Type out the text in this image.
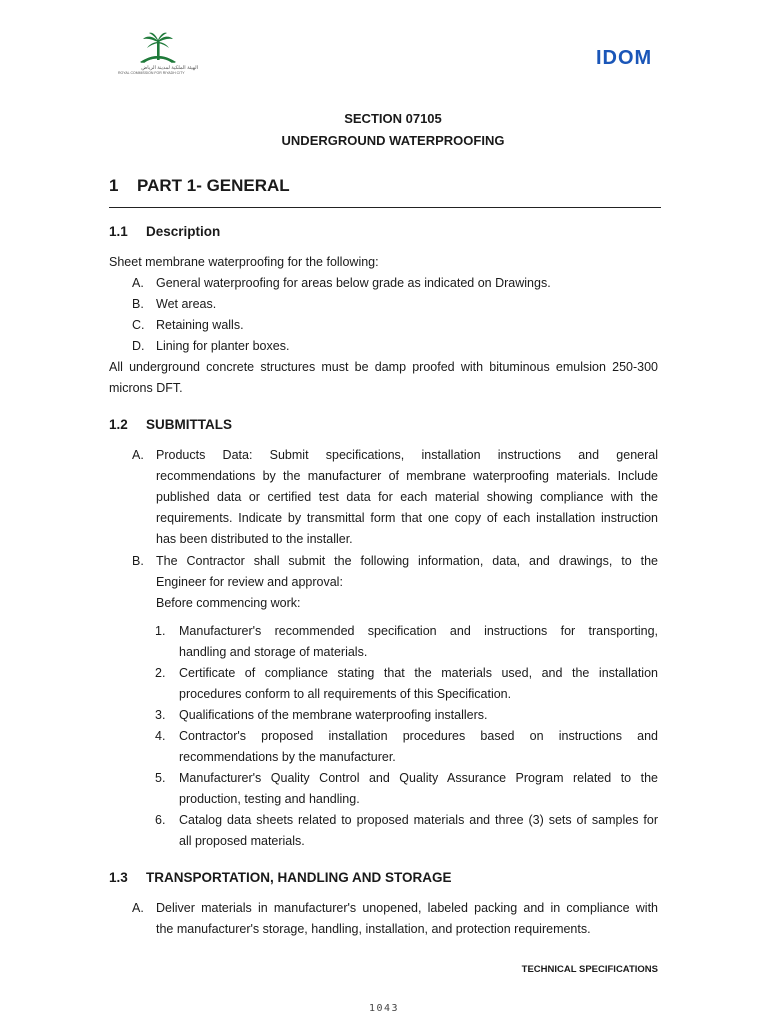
الهيئة الملكية لمدينة الرياض
ROYAL COMMISSION FOR RIYADH CITY
IDOM
SECTION 07105
UNDERGROUND WATERPROOFING
1 PART 1- GENERAL
1.1 Description
Sheet membrane waterproofing for the following:
A. General waterproofing for areas below grade as indicated on Drawings.
B. Wet areas.
C. Retaining walls.
D. Lining for planter boxes.
All underground concrete structures must be damp proofed with bituminous emulsion 250-300
microns DFT.
1.2 SUBMITTALS
A. Products Data: Submit specifications, installation instructions and general
recommendations by the manufacturer of membrane waterproofing materials. Include
published data or certified test data for each material showing compliance with the
requirements. Indicate by transmittal form that one copy of each installation instruction
has been distributed to the installer.
B. The Contractor shall submit the following information, data, and drawings, to the
Engineer for review and approval:
Before commencing work:
1. Manufacturer's recommended specification and instructions for transporting,
handling and storage of materials.
2. Certificate of compliance stating that the materials used, and the installation
procedures conform to all requirements of this Specification.
3. Qualifications of the membrane waterproofing installers.
4. Contractor's proposed installation procedures based on instructions and
recommendations by the manufacturer.
5. Manufacturer's Quality Control and Quality Assurance Program related to the
production, testing and handling.
6. Catalog data sheets related to proposed materials and three (3) sets of samples for
all proposed materials.
1.3 TRANSPORTATION, HANDLING AND STORAGE
A. Deliver materials in manufacturer's unopened, labeled packing and in compliance with
the manufacturer's storage, handling, installation, and protection requirements.
TECHNICAL SPECIFICATIONS
1043
